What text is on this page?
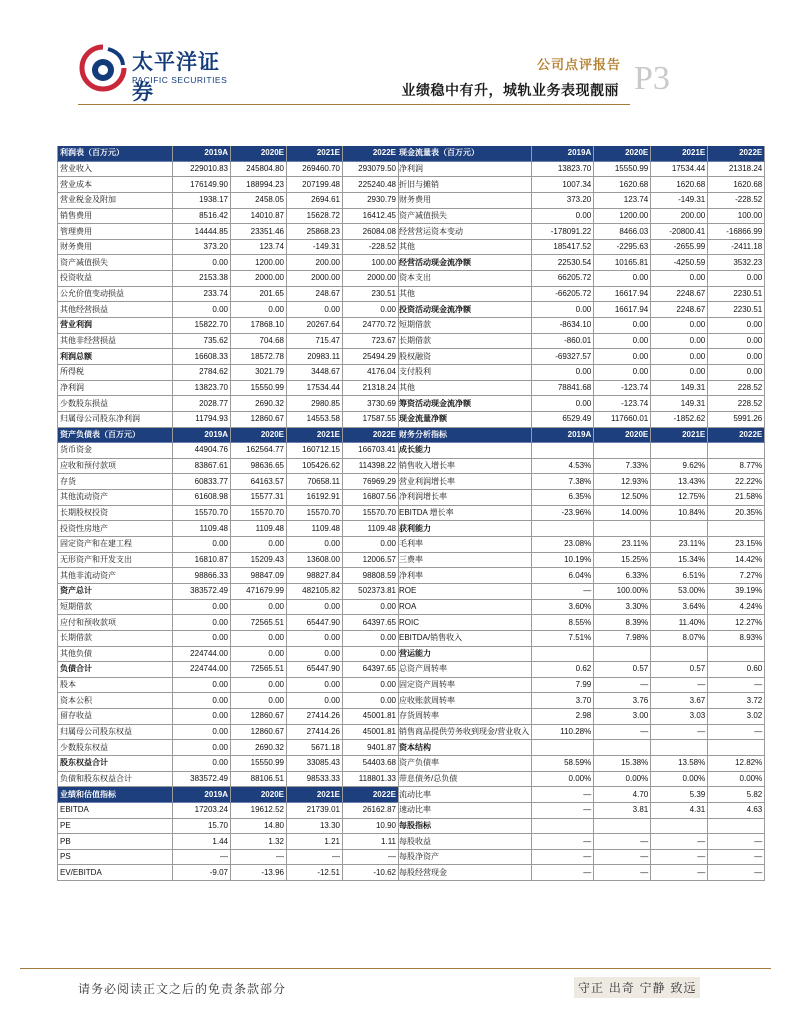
太平洋证券
PACIFIC SECURITIES
公司点评报告
业绩稳中有升，城轨业务表现靓丽 P3
利润表（百万元）	2019A	2020E	2021E	2022E
营业收入	229010.83	245804.80	269460.70	293079.50
营业成本	176149.90	188994.23	207199.48	225240.48
营业税金及附加	1938.17	2458.05	2694.61	2930.79
销售费用	8516.42	14010.87	15628.72	16412.45
管理费用	14444.85	23351.46	25868.23	26084.08
财务费用	373.20	123.74	-149.31	-228.52
资产减值损失	0.00	1200.00	200.00	100.00
投资收益	2153.38	2000.00	2000.00	2000.00
公允价值变动损益	233.74	201.65	248.67	230.51
其他经营损益	0.00	0.00	0.00	0.00
营业利润	15822.70	17868.10	20267.64	24770.72
其他非经营损益	735.62	704.68	715.47	723.67
利润总额	16608.33	18572.78	20983.11	25494.29
所得税	2784.62	3021.79	3448.67	4176.04
净利润	13823.70	15550.99	17534.44	21318.24
少数股东损益	2028.77	2690.32	2980.85	3730.69
归属母公司股东净利润	11794.93	12860.67	14553.58	17587.55
资产负债表（百万元）	2019A	2020E	2021E	2022E
货币资金	44904.76	162564.77	160712.15	166703.41
应收和预付款项	83867.61	98636.65	105426.62	114398.22
存货	60833.77	64163.57	70658.11	76969.29
其他流动资产	61608.98	15577.31	16192.91	16807.56
长期股权投资	15570.70	15570.70	15570.70	15570.70
投资性房地产	1109.48	1109.48	1109.48	1109.48
固定资产和在建工程	0.00	0.00	0.00	0.00
无形资产和开发支出	16810.87	15209.43	13608.00	12006.57
其他非流动资产	98866.33	98847.09	98827.84	98808.59
资产总计	383572.49	471679.99	482105.82	502373.81
短期借款	0.00	0.00	0.00	0.00
应付和预收款项	0.00	72565.51	65447.90	64397.65
长期借款	0.00	0.00	0.00	0.00
其他负债	224744.00	0.00	0.00	0.00
负债合计	224744.00	72565.51	65447.90	64397.65
股本	0.00	0.00	0.00	0.00
资本公积	0.00	0.00	0.00	0.00
留存收益	0.00	12860.67	27414.26	45001.81
归属母公司股东权益	0.00	12860.67	27414.26	45001.81
少数股东权益	0.00	2690.32	5671.18	9401.87
股东权益合计	0.00	15550.99	33085.43	54403.68
负债和股东权益合计	383572.49	88106.51	98533.33	118801.33
业绩和估值指标	2019A	2020E	2021E	2022E
EBITDA	17203.24	19612.52	21739.01	26162.87
PE	15.70	14.80	13.30	10.90
PB	1.44	1.32	1.21	1.11
PS	—	—	—	—
EV/EBITDA	-9.07	-13.96	-12.51	-10.62
现金流量表（百万元）	2019A	2020E	2021E	2022E
净利润	13823.70	15550.99	17534.44	21318.24
折旧与摊销	1007.34	1620.68	1620.68	1620.68
财务费用	373.20	123.74	-149.31	-228.52
资产减值损失	0.00	1200.00	200.00	100.00
经营营运资本变动	-178091.22	8466.03	-20800.41	-16866.99
其他	185417.52	-2295.63	-2655.99	-2411.18
经营活动现金流净额	22530.54	10165.81	-4250.59	3532.23
资本支出	66205.72	0.00	0.00	0.00
其他	-66205.72	16617.94	2248.67	2230.51
投资活动现金流净额	0.00	16617.94	2248.67	2230.51
短期借款	-8634.10	0.00	0.00	0.00
长期借款	-860.01	0.00	0.00	0.00
股权融资	-69327.57	0.00	0.00	0.00
支付股利	0.00	0.00	0.00	0.00
其他	78841.68	-123.74	149.31	228.52
筹资活动现金流净额	0.00	-123.74	149.31	228.52
现金流量净额	6529.49	117660.01	-1852.62	5991.26
财务分析指标	2019A	2020E	2021E	2022E
成长能力				
销售收入增长率	4.53%	7.33%	9.62%	8.77%
营业利润增长率	7.38%	12.93%	13.43%	22.22%
净利润增长率	6.35%	12.50%	12.75%	21.58%
EBITDA 增长率	-23.96%	14.00%	10.84%	20.35%
获利能力				
毛利率	23.08%	23.11%	23.11%	23.15%
三费率	10.19%	15.25%	15.34%	14.42%
净利率	6.04%	6.33%	6.51%	7.27%
ROE	—	100.00%	53.00%	39.19%
ROA	3.60%	3.30%	3.64%	4.24%
ROIC	8.55%	8.39%	11.40%	12.27%
EBITDA/销售收入	7.51%	7.98%	8.07%	8.93%
营运能力				
总资产周转率	0.62	0.57	0.57	0.60
固定资产周转率	7.99	—	—	—
应收账款周转率	3.70	3.76	3.67	3.72
存货周转率	2.98	3.00	3.03	3.02
销售商品提供劳务收到现金/营业收入	110.28%	—	—	—
资本结构				
资产负债率	58.59%	15.38%	13.58%	12.82%
带息债务/总负债	0.00%	0.00%	0.00%	0.00%
流动比率	—	4.70	5.39	5.82
速动比率	—	3.81	4.31	4.63
每股指标				
每股收益	—	—	—	—
每股净资产	—	—	—	—
每股经营现金	—	—	—	—
请务必阅读正文之后的免责条款部分	守正 出奇 宁静 致远
